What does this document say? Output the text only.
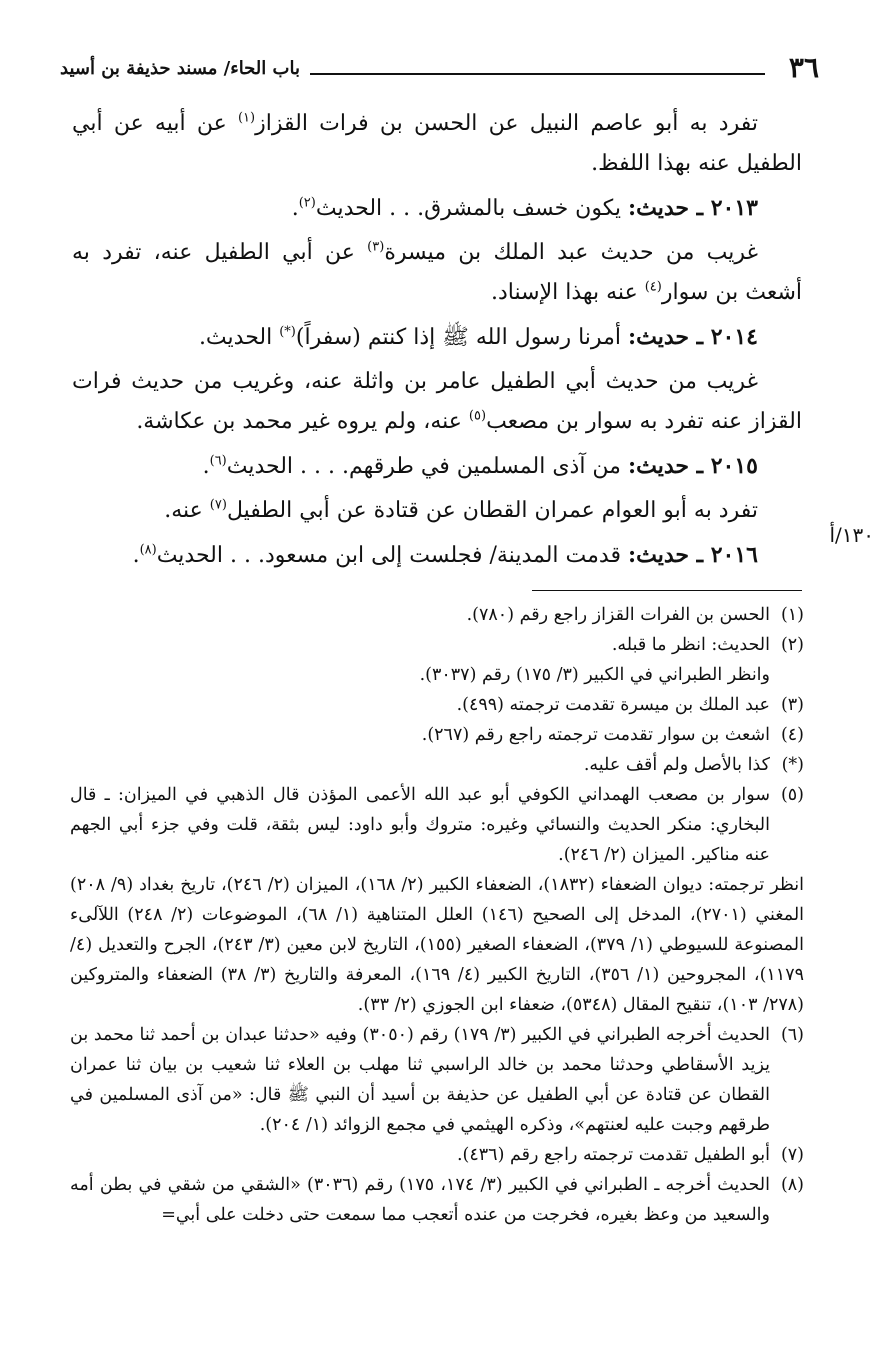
٣٦
باب الحاء/ مسند حذيفة بن أسيد
١٣٠/أ

تفرد به أبو عاصم النبيل عن الحسن بن فرات القزاز$^{(١)}$ عن أبيه عن أبي الطفيل عنه بهذا اللفظ.

٢٠١٣ ـ حديث: يكون خسف بالمشرق. . . الحديث$^{(٢)}$.

غريب من حديث عبد الملك بن ميسرة$^{(٣)}$ عن أبي الطفيل عنه، تفرد به أشعث بن سوار$^{(٤)}$ عنه بهذا الإسناد.

٢٠١٤ ـ حديث: أمرنا رسول الله ﷺ إذا كنتم (سفراً)(*) الحديث.

غريب من حديث أبي الطفيل عامر بن واثلة عنه، وغريب من حديث فرات القزاز عنه تفرد به سوار بن مصعب$^{(٥)}$ عنه، ولم يروه غير محمد بن عكاشة.

٢٠١٥ ـ حديث: من آذى المسلمين في طرقهم. . . . الحديث$^{(٦)}$.

تفرد به أبو العوام عمران القطان عن قتادة عن أبي الطفيل$^{(٧)}$ عنه.

٢٠١٦ ـ حديث: قدمت المدينة/ فجلست إلى ابن مسعود. . . الحديث$^{(٨)}$.

(١)
الحسن بن الفرات القزاز راجع رقم (٧٨٠).
(٢)
الحديث: انظر ما قبله.

وانظر الطبراني في الكبير (٣/ ١٧٥) رقم (٣٠٣٧).

(٣)
عبد الملك بن ميسرة تقدمت ترجمته (٤٩٩).
(٤)
اشعث بن سوار تقدمت ترجمته راجع رقم (٢٦٧).
(*)
كذا بالأصل ولم أقف عليه.
(٥)
سوار بن مصعب الهمداني الكوفي أبو عبد الله الأعمى المؤذن قال الذهبي في الميزان: ـ قال البخاري: منكر الحديث والنسائي وغيره: متروك وأبو داود: ليس بثقة، قلت وفي جزء أبي الجهم عنه مناكير. الميزان (٢/ ٢٤٦).

انظر ترجمته: ديوان الضعفاء (١٨٣٢)، الضعفاء الكبير (٢/ ١٦٨)، الميزان (٢/ ٢٤٦)، تاريخ بغداد (٩/ ٢٠٨) المغني (٢٧٠١)، المدخل إلى الصحيح (١٤٦) العلل المتناهية (١/ ٦٨)، الموضوعات (٢/ ٢٤٨) اللآلىء المصنوعة للسيوطي (١/ ٣٧٩)، الضعفاء الصغير (١٥٥)، التاريخ لابن معين (٣/ ٢٤٣)، الجرح والتعديل (٤/ ١١٧٩)، المجروحين (١/ ٣٥٦)، التاريخ الكبير (٤/ ١٦٩)، المعرفة والتاريخ (٣/ ٣٨) الضعفاء والمتروكين (٢٧٨/ ١٠٣)، تنقيح المقال (٥٣٤٨)، ضعفاء ابن الجوزي (٢/ ٣٣).

(٦)
الحديث أخرجه الطبراني في الكبير (٣/ ١٧٩) رقم (٣٠٥٠) وفيه «حدثنا عبدان بن أحمد ثنا محمد بن يزيد الأسقاطي وحدثنا محمد بن خالد الراسبي ثنا مهلب بن العلاء ثنا شعيب بن بيان ثنا عمران القطان عن قتادة عن أبي الطفيل عن حذيفة بن أسيد أن النبي ﷺ قال: «من آذى المسلمين في طرقهم وجبت عليه لعنتهم»، وذكره الهيثمي في مجمع الزوائد (١/ ٢٠٤).
(٧)
أبو الطفيل تقدمت ترجمته راجع رقم (٤٣٦).
(٨)
الحديث أخرجه ـ الطبراني في الكبير (٣/ ١٧٤، ١٧٥) رقم (٣٠٣٦) «الشقي من شقي في بطن أمه والسعيد من وعظ بغيره، فخرجت من عنده أتعجب مما سمعت حتى دخلت على أبي=
